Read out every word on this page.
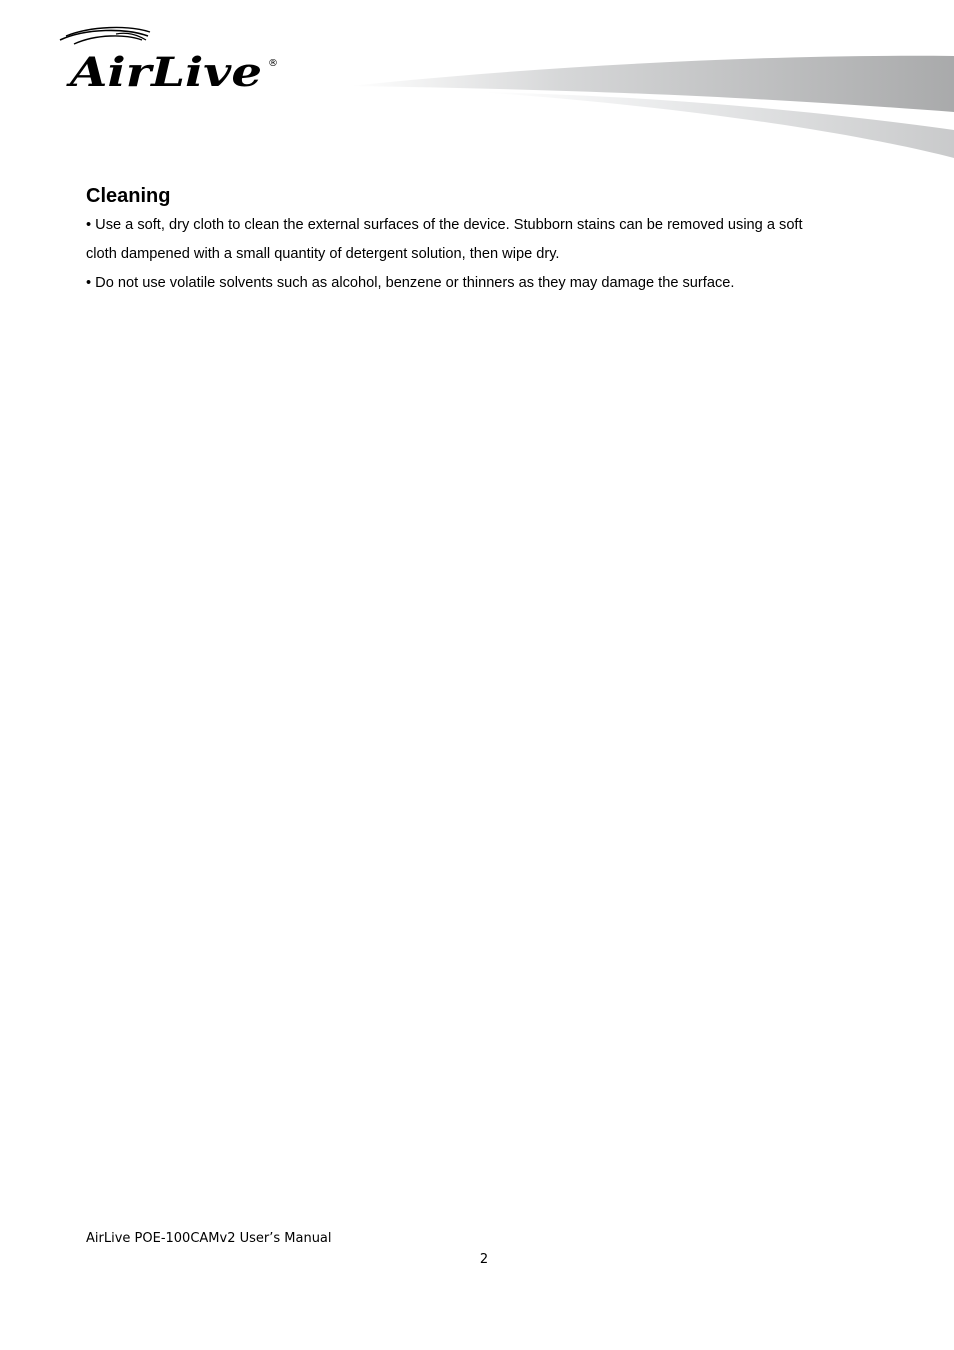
AirLive ®
Cleaning

• Use a soft, dry cloth to clean the external surfaces of the device. Stubborn stains can be removed using a soft

cloth dampened with a small quantity of detergent solution, then wipe dry.

• Do not use volatile solvents such as alcohol, benzene or thinners as they may damage the surface.

AirLive POE-100CAMv2 User’s Manual
2
